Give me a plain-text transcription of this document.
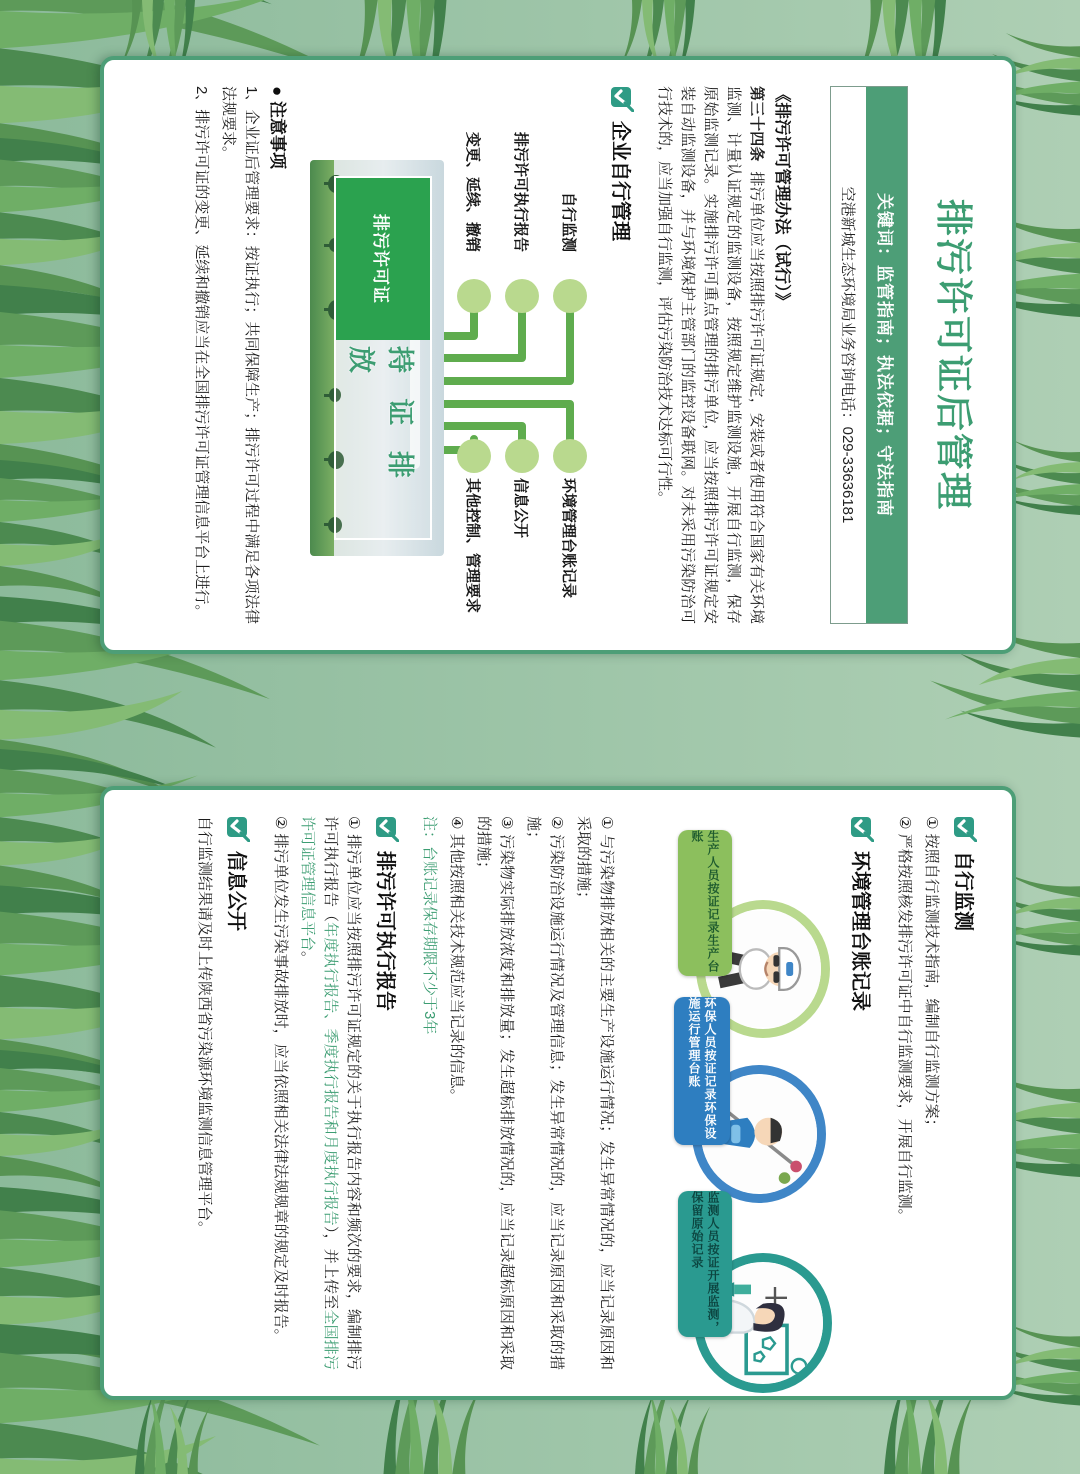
排污许可证后管理
关键词：监管指南；执法依据；守法指南
空港新城生态环境局业务咨询电话：029-33636181

《排污许可管理办法（试行）》

第三十四条排污单位应当按照排污许可证规定，安装或者使用符合国家有关环境监测、计量认证规定的监测设备，按照规定维护监测设施，开展自行监测，保存原始监测记录。实施排污许可重点管理的排污单位，应当按照排污许可证规定安装自动监测设备，并与环境保护主管部门的监控设备联网。对未采用污染防治可行技术的，应当加强自行监测，评估污染防治技术达标可行性。

企业自行管理
自行监测
排污许可执行报告
变更、延续、撤销
环境管理台账记录
信息公开
其他控制、管理要求
排污许可证
持 证 排 放

● 注意事项

1、企业证后管理要求：按证执行；共同保障生产；排污许可过程中满足各项法律法规要求。

2、排污许可证的变更、延续和撤销应当在全国排污许可证管理信息平台上进行。

自行监测

① 按照自行监测技术指南，编制自行监测方案；

② 严格按照核发排污许可证中自行监测要求，开展自行监测。

环境管理台账记录
生产人员按证记录生产台账
环保人员按证记录环保设施运行管理台账
监测人员按证开展监测，保留原始记录

① 与污染物排放相关的主要生产设施运行情况；发生异常情况的，应当记录原因和采取的措施；

② 污染防治设施运行情况及管理信息；发生异常情况的，应当记录原因和采取的措施；

③ 污染物实际排放浓度和排放量；发生超标排放情况的，应当记录超标原因和采取的措施；

④ 其他按照相关技术规范应当记录的信息。

注：台账记录保存期限不少于3年

排污许可执行报告

① 排污单位应当按照排污许可证规定的关于执行报告内容和频次的要求，编制排污许可执行报告（年度执行报告、季度执行报告和月度执行报告），并上传至全国排污许可证管理信息平台。

② 排污单位发生污染事故排放时，应当依照相关法律法规规章的规定及时报告。

信息公开

自行监测结果请及时上传陕西省污染源环境监测信息管理平台。
